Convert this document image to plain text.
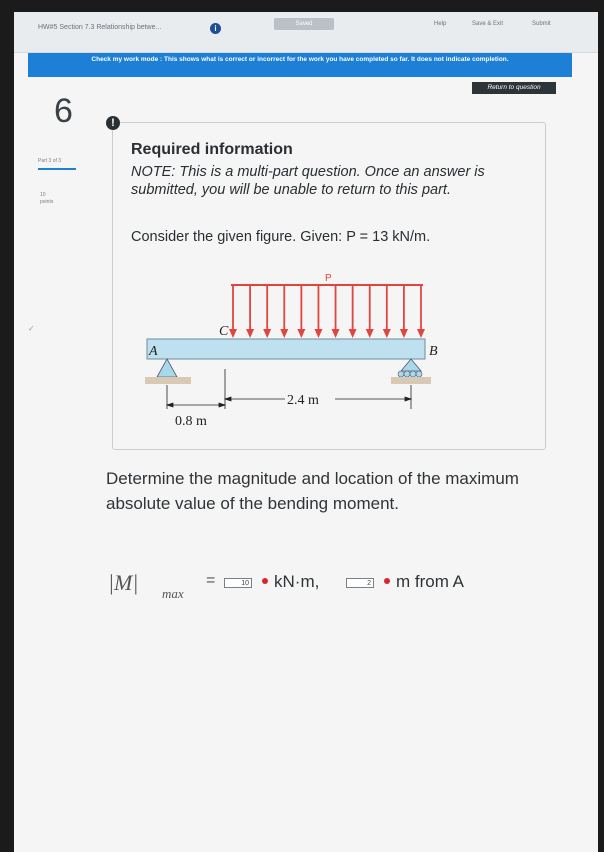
HW#5 Section 7.3 Relationship betwe...	i	Saved	Help	Save & Exit	Submit
Check my work mode : This shows what is correct or incorrect for the work you have completed so far. It does not indicate completion.
Return to question
6
Part 3 of 3
10
points
✓
Required information
NOTE: This is a multi-part question. Once an answer is submitted, you will be unable to return to this part.
Consider the given figure. Given: P = 13 kN/m.
P
C
A	B
2.4 m
0.8 m
!
Determine the magnitude and location of the maximum absolute value of the bending moment.
|M| max
=	10 kN·m,	2 m from A
